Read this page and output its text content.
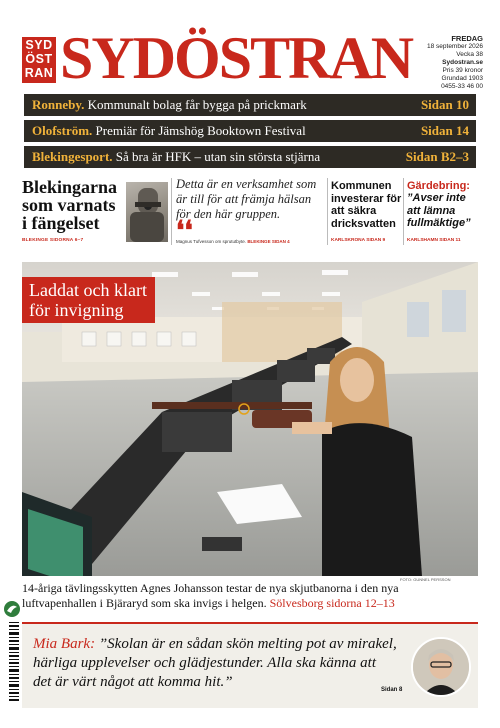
SYD
ÖST
RAN SYDÖSTRAN	FREDAG
18 september 2026
Vecka 38
Sydostran.se
Pris 39 kronor
Grundad 1903
0455-33 46 00
Ronneby. Kommunalt bolag får bygga på prickmark	Sidan 10
Olofström. Premiär för Jämshög Booktown Festival	Sidan 14
Blekingesport. Så bra är HFK – utan sin största stjärna	Sidan B2–3
Blekingarna som varnats i fängelset
BLEKINGE SIDORNA 6–7
Detta är en verksamhet som är till för att främja hälsan för den här gruppen.
❛❛
Magnus Tufvesson om sprututbyte. BLEKINGE SIDAN 4
Kommunen investerar för att säkra dricksvatten
KARLSKRONA SIDAN 9
Gärdebring:
”Avser inte att lämna fullmäktige”
KARLSHAMN SIDAN 11
Laddat och klart
för invigning
FOTO: GUNNEL PERSSON
14-åriga tävlingsskytten Agnes Johansson testar de nya skjutbanorna i den nya luftvapenhallen i Bjäraryd som ska invigs i helgen. Sölvesborg sidorna 12–13
Mia Bark: ”Skolan är en sådan skön melting pot av mirakel, härliga upplevelser och glädjestunder. Alla ska känna att det är värt något att komma hit.”	Sidan 8
